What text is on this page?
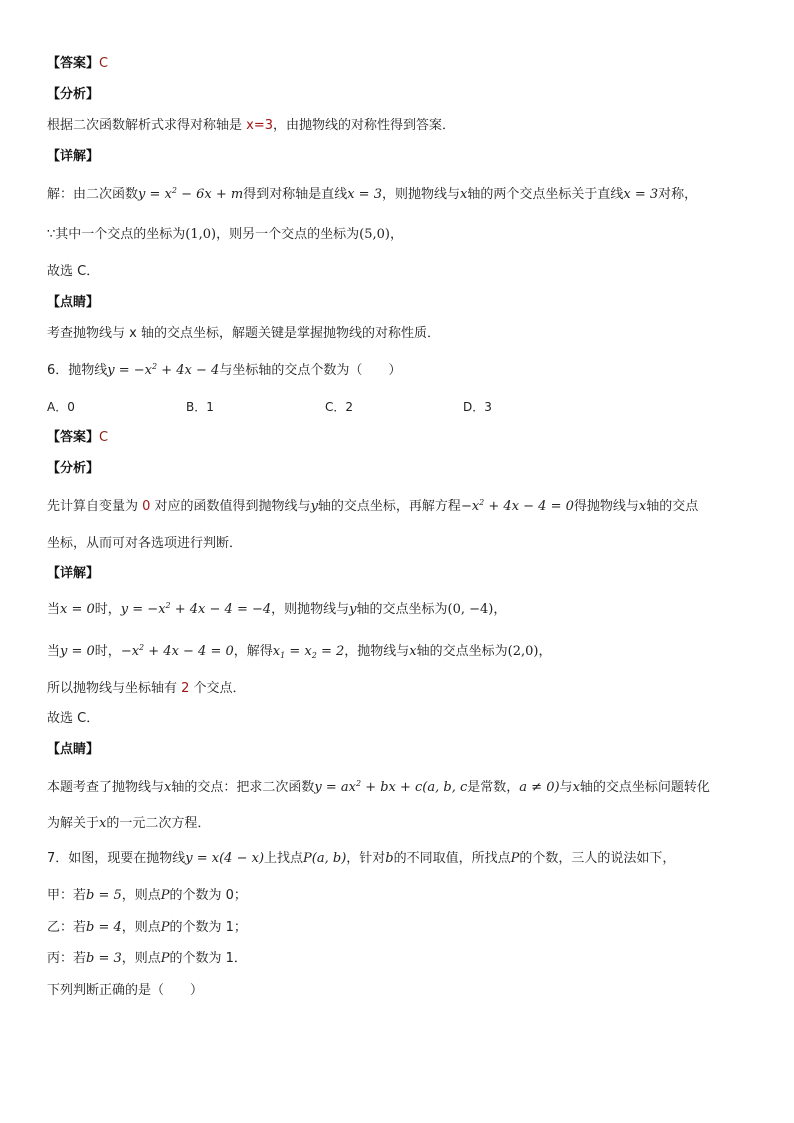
【答案】C
【分析】
根据二次函数解析式求得对称轴是 x=3，由抛物线的对称性得到答案．
【详解】
解：由二次函数$y = x^2 - 6x + m$得到对称轴是直线x = 3，则抛物线与x轴的两个交点坐标关于直线x = 3对称，
∵其中一个交点的坐标为(1,0)，则另一个交点的坐标为(5,0)，
故选 C．
【点睛】
考查抛物线与 x 轴的交点坐标，解题关键是掌握抛物线的对称性质．
6．抛物线$y = -x^2 + 4x - 4$与坐标轴的交点个数为（　　）
A．0	B．1	C．2	D．3
【答案】C
【分析】
先计算自变量为 0 对应的函数值得到抛物线与y轴的交点坐标，再解方程$-x^2 + 4x - 4 = 0$得抛物线与x轴的交点
坐标，从而可对各选项进行判断．
【详解】
当x = 0时，$y = -x^2 + 4x - 4 = -4$，则抛物线与y轴的交点坐标为(0, −4)，
当y = 0时，$-x^2 + 4x - 4 = 0$，解得$x_1 = x_2 = 2$，抛物线与x轴的交点坐标为(2,0)，
所以抛物线与坐标轴有 2 个交点．
故选 C．
【点睛】
本题考查了抛物线与x轴的交点：把求二次函数$y = ax^2$ + bx + c(a, b, c是常数，a ≠ 0)与x轴的交点坐标问题转化
为解关于x的一元二次方程．
7．如图，现要在抛物线y = x(4 − x)上找点P(a, b)，针对b的不同取值，所找点P的个数，三人的说法如下，
甲：若b = 5，则点P的个数为 0；
乙：若b = 4，则点P的个数为 1；
丙：若b = 3，则点P的个数为 1．
下列判断正确的是（　　）
